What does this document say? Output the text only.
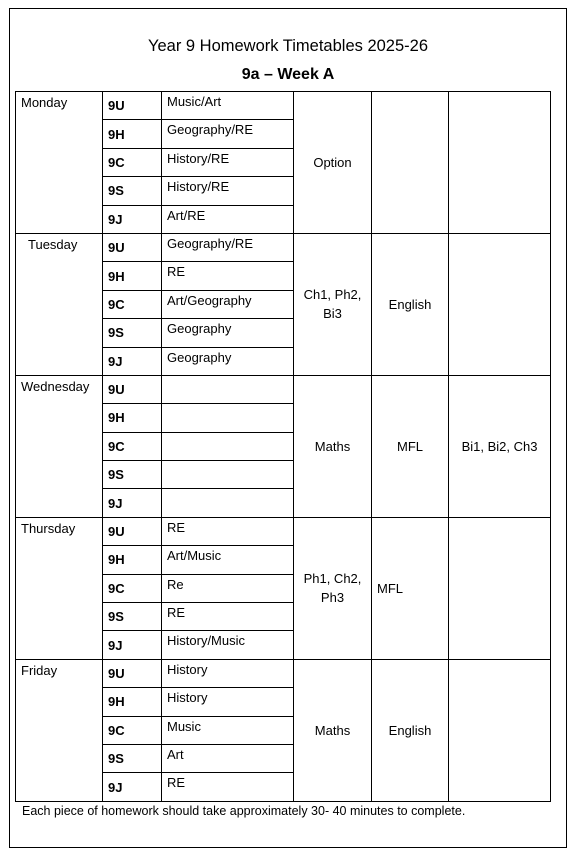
Year 9 Homework Timetables 2025-26
9a – Week A
Monday	9U	Music/Art	Option		
	9H	Geography/RE			
	9C	History/RE			
	9S	History/RE			
	9J	Art/RE			
Tuesday	9U	Geography/RE	Ch1, Ph2, Bi3	English	
	9H	RE			
	9C	Art/Geography			
	9S	Geography			
	9J	Geography			
Wednesday	9U		Maths	MFL	Bi1, Bi2, Ch3
	9H				
	9C				
	9S				
	9J				
Thursday	9U	RE	Ph1, Ch2, Ph3	MFL	
	9H	Art/Music			
	9C	Re			
	9S	RE			
	9J	History/Music			
Friday	9U	History	Maths	English	
	9H	History			
	9C	Music			
	9S	Art			
	9J	RE			
Each piece of homework should take approximately 30- 40 minutes to complete.
